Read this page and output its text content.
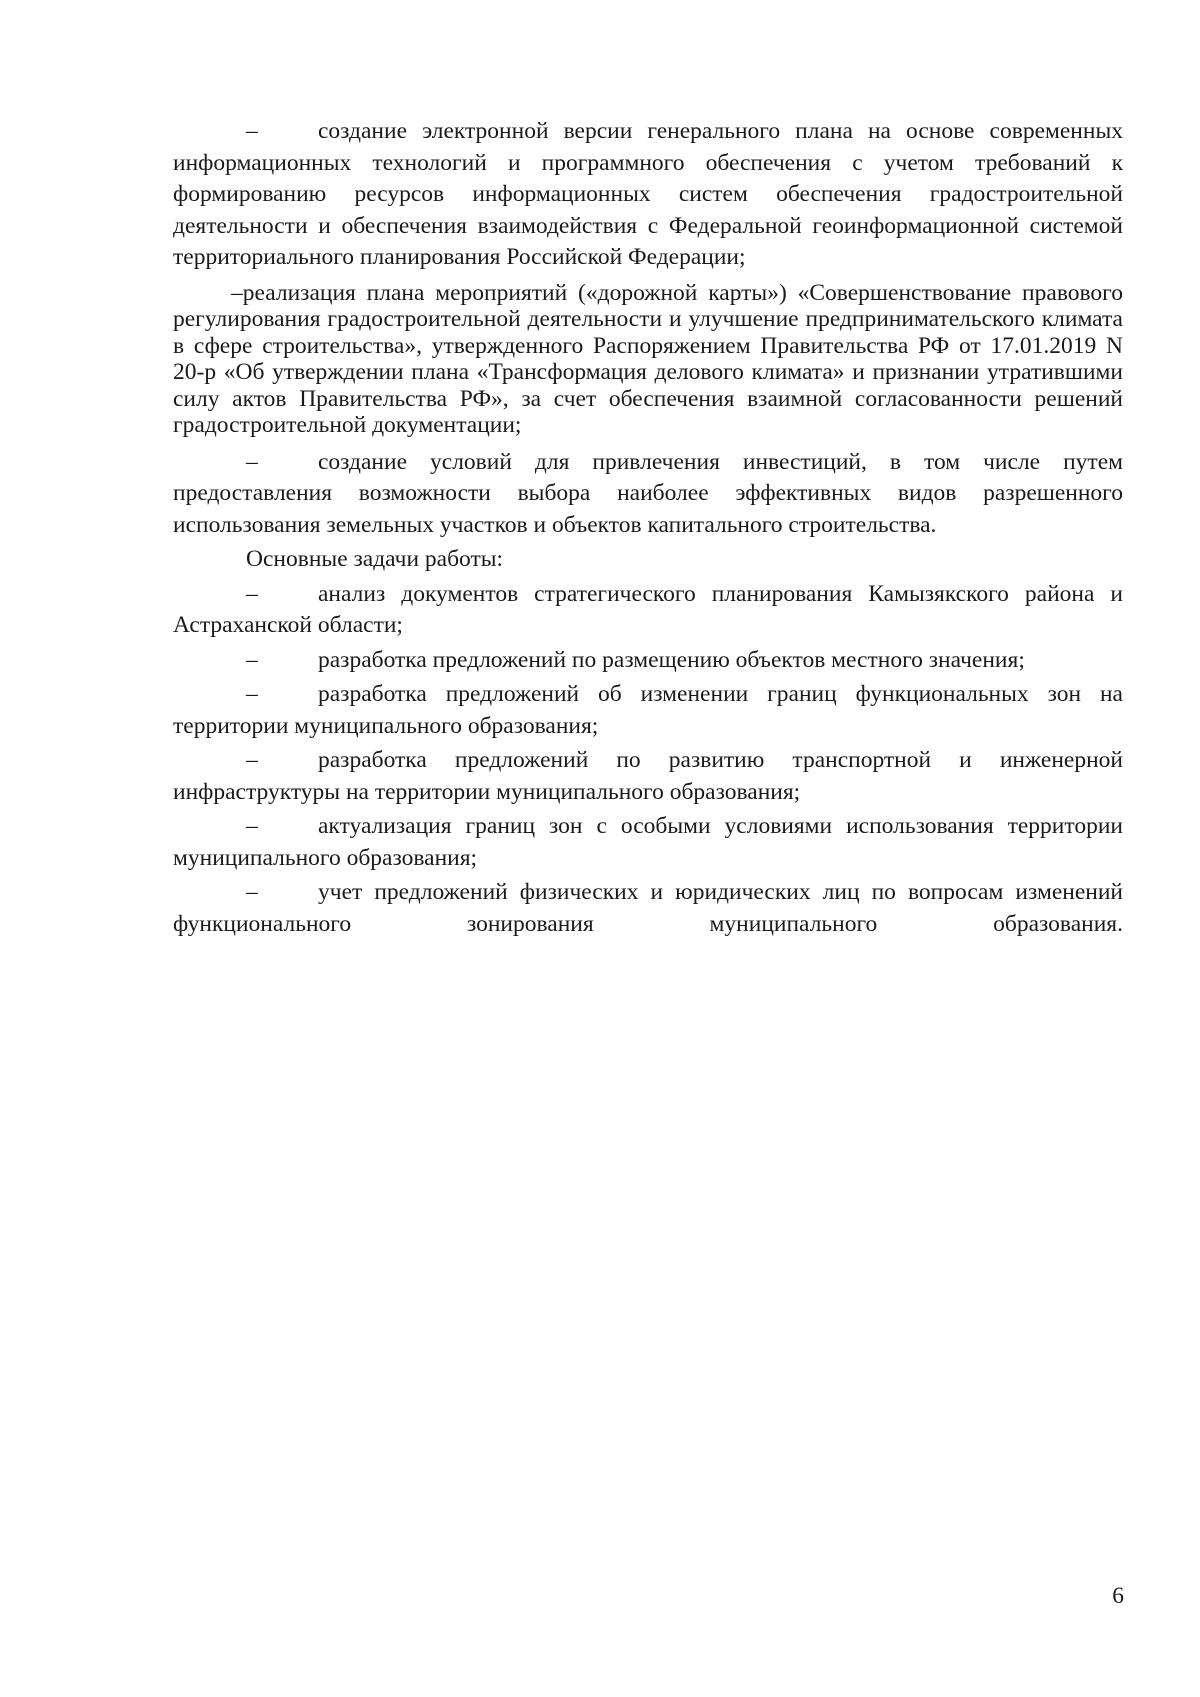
–	создание электронной версии генерального плана на основе современных информационных технологий и программного обеспечения с учетом требований к формированию ресурсов информационных систем обеспечения градостроительной деятельности и обеспечения взаимодействия с Федеральной геоинформационной системой территориального планирования Российской Федерации;

–реализация плана мероприятий («дорожной карты») «Совершенствование правового регулирования градостроительной деятельности и улучшение предпринимательского климата в сфере строительства», утвержденного Распоряжением Правительства РФ от 17.01.2019 N 20-р «Об утверждении плана «Трансформация делового климата» и признании утратившими силу актов Правительства РФ», за счет обеспечения взаимной согласованности решений градостроительной документации;

–	создание условий для привлечения инвестиций, в том числе путем предоставления возможности выбора наиболее эффективных видов разрешенного использования земельных участков и объектов капитального строительства.

Основные задачи работы:

–	анализ документов стратегического планирования Камызякского района и Астраханской области;

–	разработка предложений по размещению объектов местного значения;

–	разработка предложений об изменении границ функциональных зон на территории муниципального образования;

–	разработка предложений по развитию транспортной и инженерной инфраструктуры на территории муниципального образования;

–	актуализация границ зон с особыми условиями использования территории муниципального образования;

–	учет предложений физических и юридических лиц по вопросам изменений функционального зонирования муниципального образования.

6
